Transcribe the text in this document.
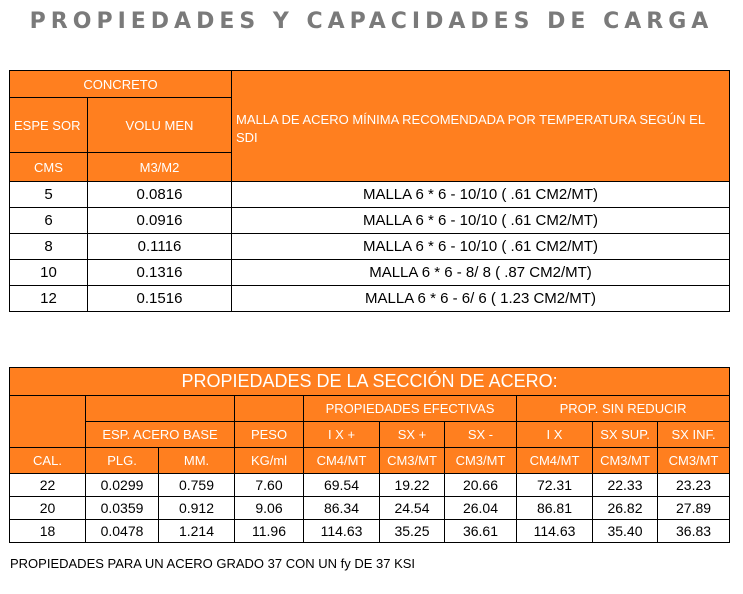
PROPIEDADES Y CAPACIDADES DE CARGA
CONCRETO		MALLA DE ACERO MÍNIMA RECOMENDADA POR TEMPERATURA SEGÚN EL SDI
ESPE SOR	VOLU MEN	
CMS	M3/M2	
5	0.0816	MALLA 6 * 6 - 10/10 ( .61 CM2/MT)
6	0.0916	MALLA 6 * 6 - 10/10 ( .61 CM2/MT)
8	0.1116	MALLA 6 * 6 - 10/10 ( .61 CM2/MT)
10	0.1316	MALLA 6 * 6 - 8/ 8 ( .87 CM2/MT)
12	0.1516	MALLA 6 * 6 - 6/ 6 ( 1.23 CM2/MT)
PROPIEDADES DE LA SECCIÓN DE ACERO:									
				PROPIEDADES EFECTIVAS			PROP. SIN REDUCIR		
	ESP. ACERO BASE		PESO	I X +	SX +	SX -	I X	SX SUP.	SX INF.
CAL.	PLG.	MM.	KG/ml	CM4/MT	CM3/MT	CM3/MT	CM4/MT	CM3/MT	CM3/MT
22	0.0299	0.759	7.60	69.54	19.22	20.66	72.31	22.33	23.23
20	0.0359	0.912	9.06	86.34	24.54	26.04	86.81	26.82	27.89
18	0.0478	1.214	11.96	114.63	35.25	36.61	114.63	35.40	36.83
PROPIEDADES PARA UN ACERO GRADO 37 CON UN fy DE 37 KSI
